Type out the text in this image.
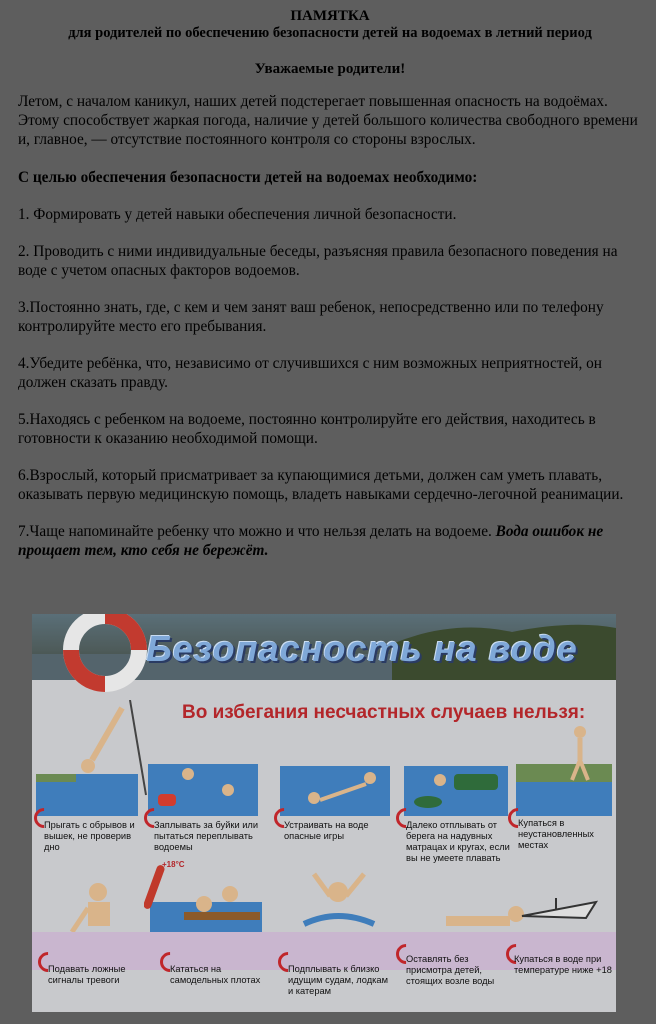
ПАМЯТКА
для родителей по обеспечению безопасности детей на водоемах в летний период
Уважаемые родители!

Летом, с началом каникул, наших детей подстерегает повышенная опасность на водоёмах. Этому способствует жаркая погода, наличие у детей большого количества свободного времени и, главное, — отсутствие постоянного контроля со стороны взрослых.

С целью обеспечения безопасности детей на водоемах необходимо:

1. Формировать у детей навыки обеспечения личной безопасности.

2. Проводить с ними индивидуальные беседы, разъясняя правила безопасного поведения на воде с учетом опасных факторов водоемов.

3.Постоянно знать, где, с кем и чем занят ваш ребенок, непосредственно или по телефону контролируйте место его пребывания.

4.Убедите ребёнка, что, независимо от случившихся с ним возможных неприятностей, он должен сказать правду.

5.Находясь с ребенком на водоеме, постоянно контролируйте его действия, находитесь в готовности к оказанию необходимой помощи.

6.Взрослый, который присматривает за купающимися детьми, должен сам уметь плавать, оказывать первую медицинскую помощь, владеть навыками сердечно-легочной реанимации.

7.Чаще напоминайте ребенку что можно и что нельзя делать на водоеме. Вода ошибок не прощает тем, кто себя не бережёт.

Безопасность на воде
Во избегания несчастных случаев нельзя:
Прыгать с обрывов и вышек, не проверив дно
Заплывать за буйки или пытаться переплывать водоемы
Устраивать на воде опасные игры
Далеко отплывать от берега на надувных матрацах и кругах, если вы не умеете плавать
Купаться в неустановленных местах
+18°C
Подавать ложные сигналы тревоги
Кататься на самодельных плотах
Подплывать к близко идущим судам, лодкам и катерам
Оставлять без присмотра детей, стоящих возле воды
Купаться в воде при температуре ниже +18
